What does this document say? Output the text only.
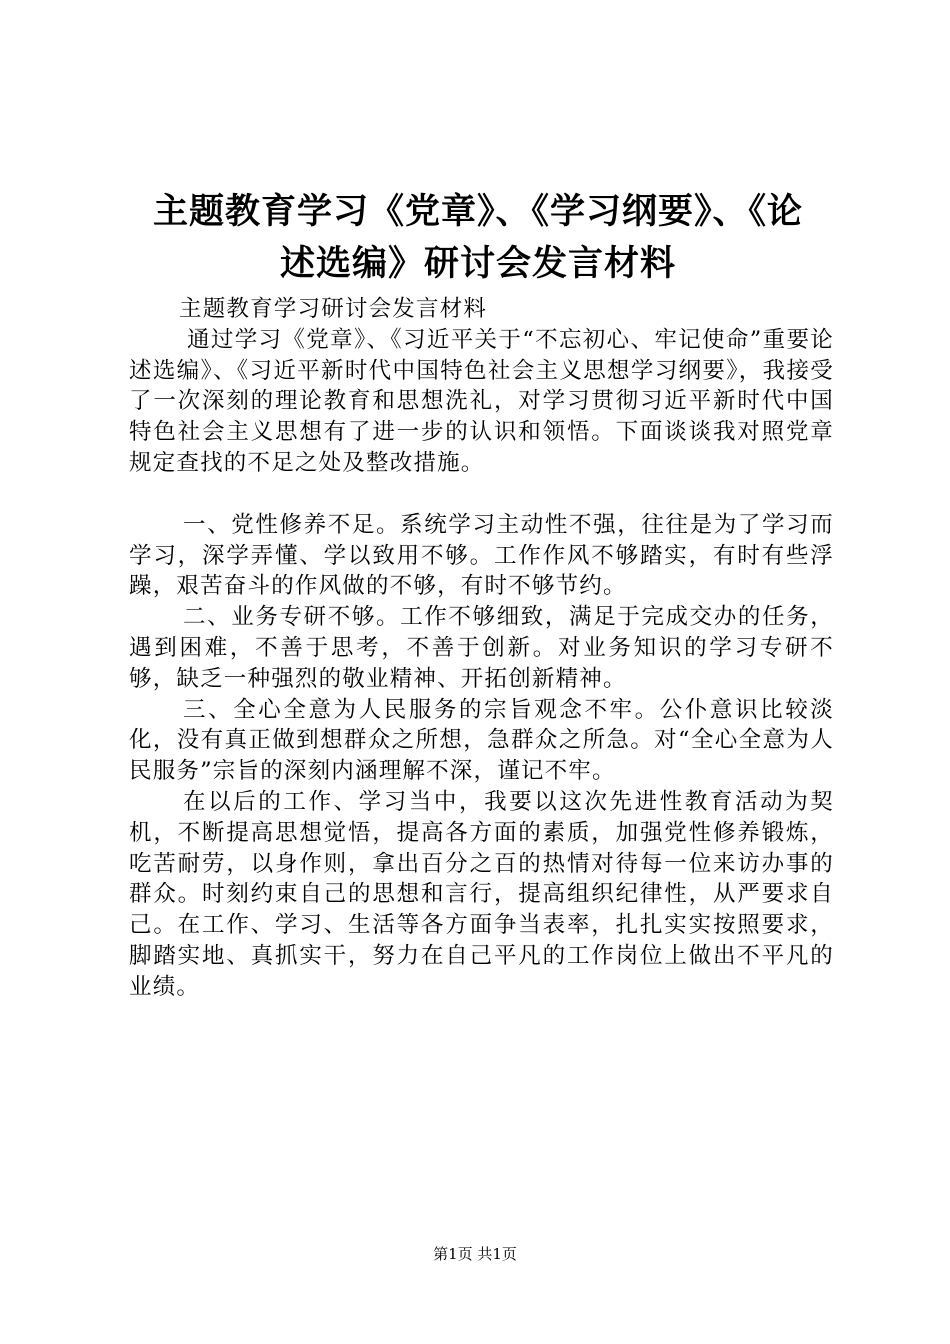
主题教育学习《党章》、《学习纲要》、《论
述选编》研讨会发言材料

主题教育学习研讨会发言材料

通过学习《党章》、《习近平关于“不忘初心、牢记使命”重要论述选编》、《习近平新时代中国特色社会主义思想学习纲要》，我接受了一次深刻的理论教育和思想洗礼，对学习贯彻习近平新时代中国特色社会主义思想有了进一步的认识和领悟。下面谈谈我对照党章规定查找的不足之处及整改措施。

一、党性修养不足。系统学习主动性不强，往往是为了学习而学习，深学弄懂、学以致用不够。工作作风不够踏实，有时有些浮躁，艰苦奋斗的作风做的不够，有时不够节约。

二、业务专研不够。工作不够细致，满足于完成交办的任务，遇到困难，不善于思考，不善于创新。对业务知识的学习专研不够，缺乏一种强烈的敬业精神、开拓创新精神。

三、全心全意为人民服务的宗旨观念不牢。公仆意识比较淡化，没有真正做到想群众之所想，急群众之所急。对“全心全意为人民服务”宗旨的深刻内涵理解不深，谨记不牢。

在以后的工作、学习当中，我要以这次先进性教育活动为契机，不断提高思想觉悟，提高各方面的素质，加强党性修养锻炼，吃苦耐劳，以身作则，拿出百分之百的热情对待每一位来访办事的群众。时刻约束自己的思想和言行，提高组织纪律性，从严要求自己。在工作、学习、生活等各方面争当表率，扎扎实实按照要求，脚踏实地、真抓实干，努力在自己平凡的工作岗位上做出不平凡的业绩。

第1页 共1页
